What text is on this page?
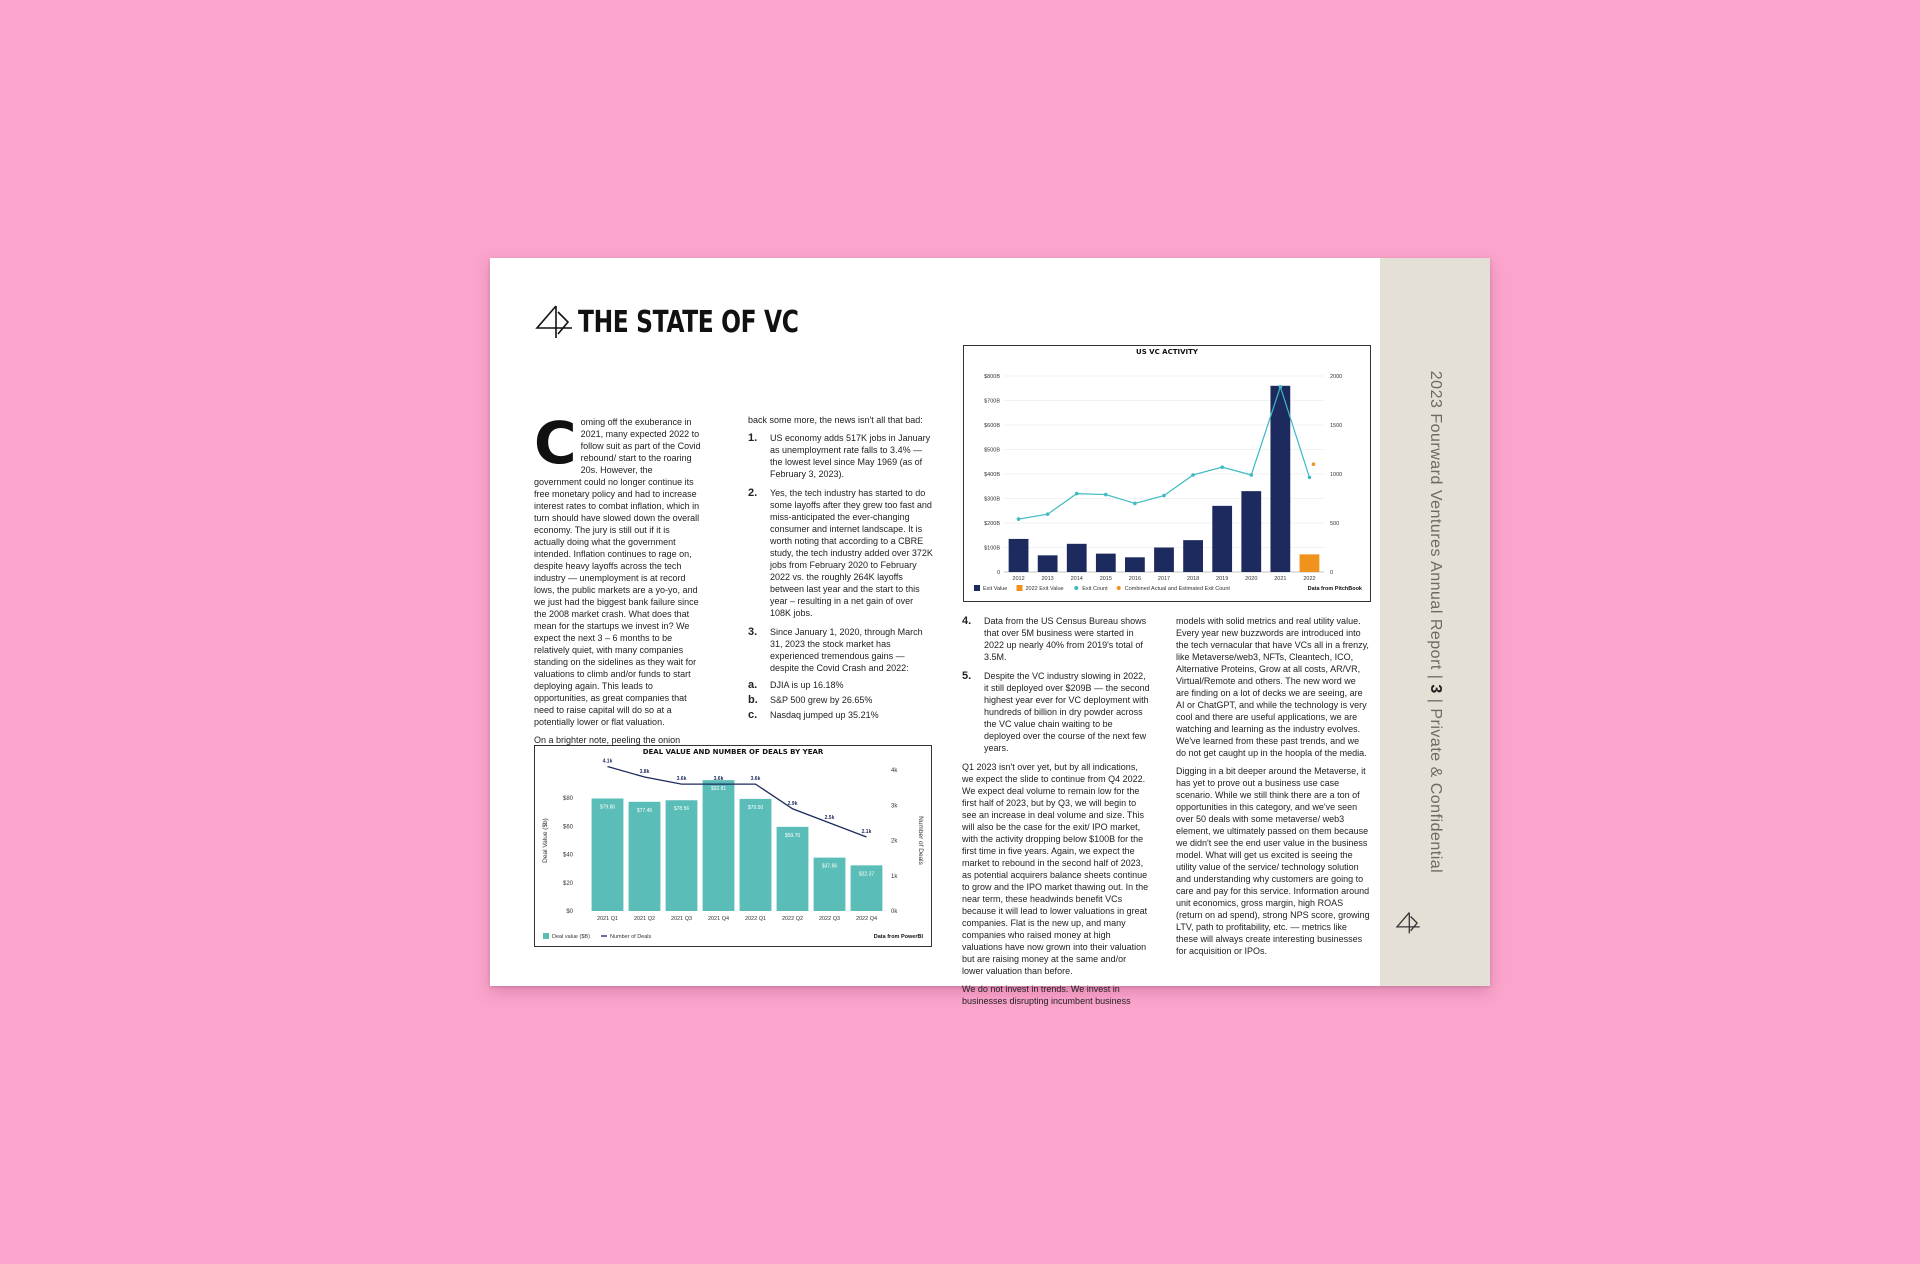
THE STATE OF VC

Coming off the exuberance in 2021, many expected 2022 to follow suit as part of the Covid rebound/ start to the roaring 20s. However, the government could no longer continue its free monetary policy and had to increase interest rates to combat inflation, which in turn should have slowed down the overall economy. The jury is still out if it is actually doing what the government intended. Inflation continues to rage on, despite heavy layoffs across the tech industry — unemployment is at record lows, the public markets are a yo-yo, and we just had the biggest bank failure since the 2008 market crash. What does that mean for the startups we invest in? We expect the next 3 – 6 months to be relatively quiet, with many companies standing on the sidelines as they wait for valuations to climb and/or funds to start deploying again. This leads to opportunities, as great companies that need to raise capital will do so at a potentially lower or flat valuation.

On a brighter note, peeling the onion

back some more, the news isn't all that bad:

1. US economy adds 517K jobs in January as unemployment rate falls to 3.4% — the lowest level since May 1969 (as of February 3, 2023).
2. Yes, the tech industry has started to do some layoffs after they grew too fast and miss-anticipated the ever-changing consumer and internet landscape. It is worth noting that according to a CBRE study, the tech industry added over 372K jobs from February 2020 to February 2022 vs. the roughly 264K layoffs between last year and the start to this year – resulting in a net gain of over 108K jobs.
3. Since January 1, 2020, through March 31, 2023 the stock market has experienced tremendous gains — despite the Covid Crash and 2022:
a. DJIA is up 16.18%
b. S&P 500 grew by 26.65%
c. Nasdaq jumped up 35.21%
4. Data from the US Census Bureau shows that over 5M business were started in 2022 up nearly 40% from 2019's total of 3.5M.
5. Despite the VC industry slowing in 2022, it still deployed over $209B — the second highest year ever for VC deployment with hundreds of billion in dry powder across the VC value chain waiting to be deployed over the course of the next few years.

Q1 2023 isn't over yet, but by all indications, we expect the slide to continue from Q4 2022. We expect deal volume to remain low for the first half of 2023, but by Q3, we will begin to see an increase in deal volume and size. This will also be the case for the exit/ IPO market, with the activity dropping below $100B for the first time in five years. Again, we expect the market to rebound in the second half of 2023, as potential acquirers balance sheets continue to grow and the IPO market thawing out. In the near term, these headwinds benefit VCs because it will lead to lower valuations in great companies. Flat is the new up, and many companies who raised money at high valuations have now grown into their valuation but are raising money at the same and/or lower valuation than before.

We do not invest in trends. We invest in businesses disrupting incumbent business

models with solid metrics and real utility value. Every year new buzzwords are introduced into the tech vernacular that have VCs all in a frenzy, like Metaverse/web3, NFTs, Cleantech, ICO, Alternative Proteins, Grow at all costs, AR/VR, Virtual/Remote and others. The new word we are finding on a lot of decks we are seeing, are AI or ChatGPT, and while the technology is very cool and there are useful applications, we are watching and learning as the industry evolves. We've learned from these past trends, and we do not get caught up in the hoopla of the media.

Digging in a bit deeper around the Metaverse, it has yet to prove out a business use case scenario. While we still think there are a ton of opportunities in this category, and we've seen over 50 deals with some metaverse/ web3 element, we ultimately passed on them because we didn't see the end user value in the business model. What will get us excited is seeing the utility value of the service/ technology solution and understanding why customers are going to care and pay for this service. Information around unit economics, gross margin, high ROAS (return on ad spend), strong NPS score, growing LTV, path to profitability, etc. — metrics like these will always create interesting businesses for acquisition or IPOs.

US VC ACTIVITY
0
$100B
$200B
$300B
$400B
$500B
$600B
$700B
$800B
0
500
1000
1500
2000
2012	2013	2014	2015	2016	2017	2018	2019	2020	2021	2022
Exit Value	2022 Exit Value	Exit Count	Combined Actual and Estimated Exit Count	Data from PitchBook
DEAL VALUE AND NUMBER OF DEALS BY YEAR
$0
$20
$40
$60
$80
0k
1k
2k
3k
4k
Deal Value ($b)	Number of Deals
$79.80
2021 Q1
$77.45
2021 Q2
$78.56
2021 Q3
$92.81
2021 Q4
$79.50
2022 Q1
$59.70
2022 Q2
$37.86
2022 Q3
$32.37
2022 Q4
4.1k
3.8k
3.6k	3.6k	3.6k
2.9k
2.5k
2.1k
Deal value ($B)	Number of Deals	Data from PowerBI
2023 Fourward Ventures Annual Report | 3 | Private & Confidential
